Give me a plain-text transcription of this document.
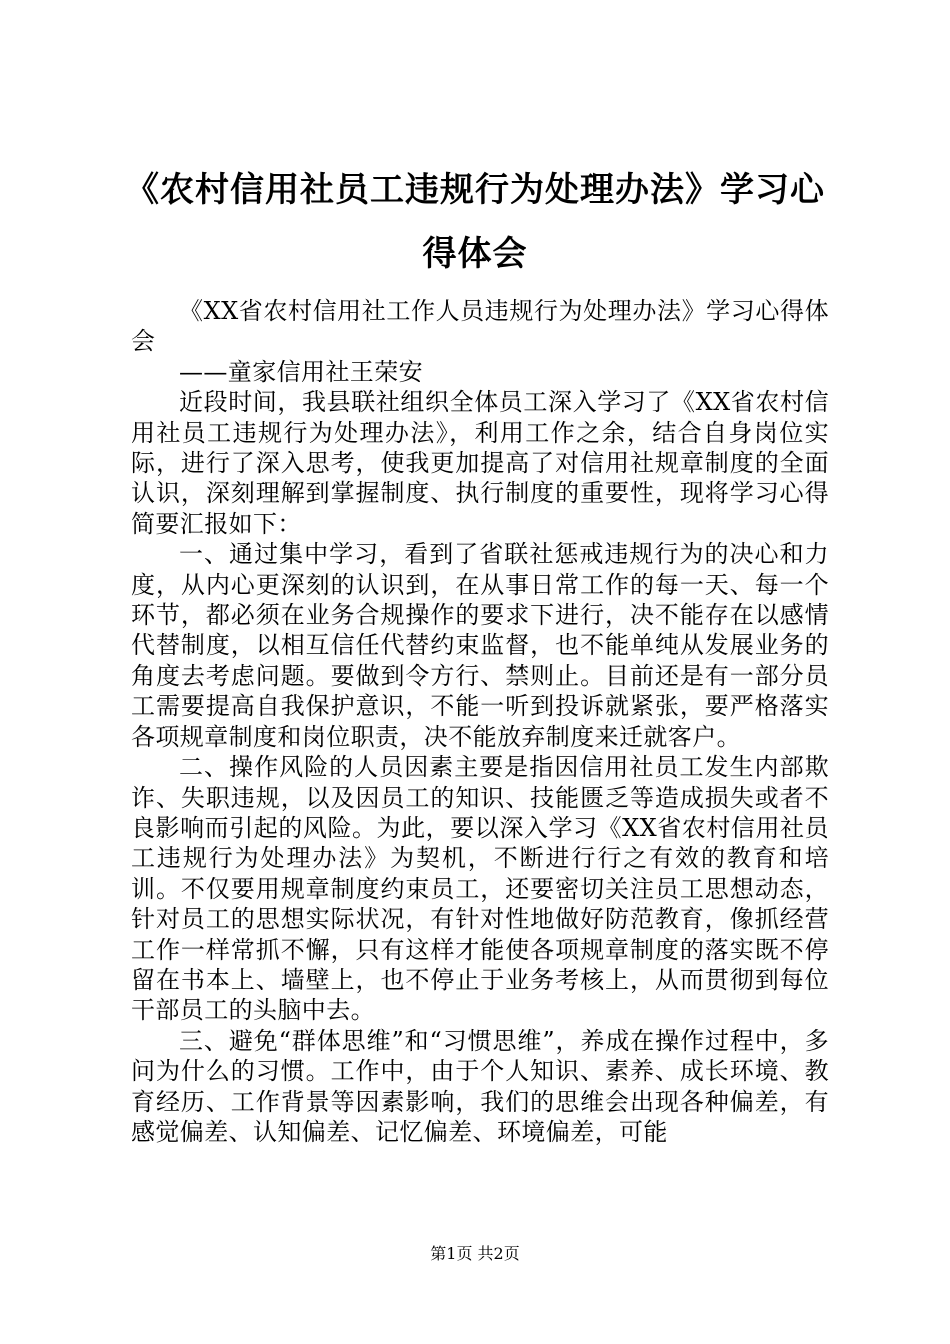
《农村信用社员工违规行为处理办法》学习心得体会

《XX省农村信用社工作人员违规行为处理办法》学习心得体会

——童家信用社王荣安

近段时间，我县联社组织全体员工深入学习了《XX省农村信用社员工违规行为处理办法》，利用工作之余，结合自身岗位实际，进行了深入思考，使我更加提高了对信用社规章制度的全面认识，深刻理解到掌握制度、执行制度的重要性，现将学习心得简要汇报如下：

一、通过集中学习，看到了省联社惩戒违规行为的决心和力度，从内心更深刻的认识到，在从事日常工作的每一天、每一个环节，都必须在业务合规操作的要求下进行，决不能存在以感情代替制度，以相互信任代替约束监督，也不能单纯从发展业务的角度去考虑问题。要做到令方行、禁则止。目前还是有一部分员工需要提高自我保护意识，不能一听到投诉就紧张，要严格落实各项规章制度和岗位职责，决不能放弃制度来迁就客户。

二、操作风险的人员因素主要是指因信用社员工发生内部欺诈、失职违规，以及因员工的知识、技能匮乏等造成损失或者不良影响而引起的风险。为此，要以深入学习《XX省农村信用社员工违规行为处理办法》为契机，不断进行行之有效的教育和培训。不仅要用规章制度约束员工，还要密切关注员工思想动态，针对员工的思想实际状况，有针对性地做好防范教育，像抓经营工作一样常抓不懈，只有这样才能使各项规章制度的落实既不停留在书本上、墙壁上，也不停止于业务考核上，从而贯彻到每位干部员工的头脑中去。

三、避免“群体思维”和“习惯思维”，养成在操作过程中，多问为什么的习惯。工作中，由于个人知识、素养、成长环境、教育经历、工作背景等因素影响，我们的思维会出现各种偏差，有感觉偏差、认知偏差、记忆偏差、环境偏差，可能

第1页 共2页
